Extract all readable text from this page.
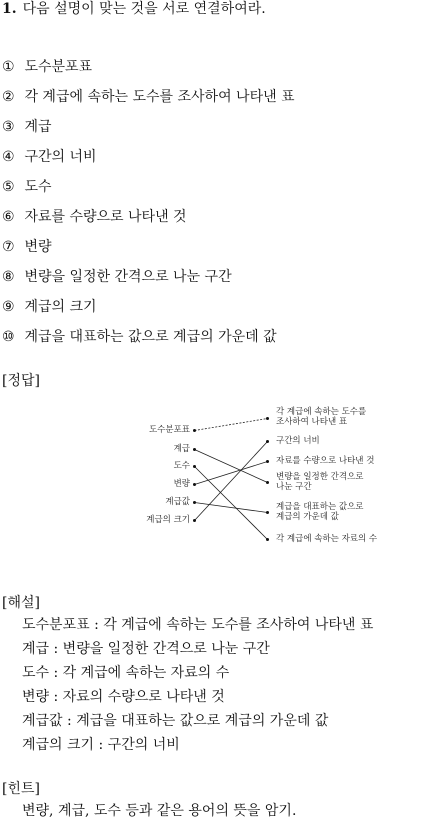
1. 다음 설명이 맞는 것을 서로 연결하여라.
① 도수분포표
② 각 계급에 속하는 도수를 조사하여 나타낸 표
③ 계급
④ 구간의 너비
⑤ 도수
⑥ 자료를 수량으로 나타낸 것
⑦ 변량
⑧ 변량을 일정한 간격으로 나눈 구간
⑨ 계급의 크기
⑩ 계급을 대표하는 값으로 계급의 가운데 값
[정답]
도수분포표
계급
도수
변량
계급값
계급의 크기
각 계급에 속하는 도수를
조사하여 나타낸 표
구간의 너비
자료를 수량으로 나타낸 것
변량을 일정한 간격으로
나눈 구간
계급을 대표하는 값으로
계급의 가운데 값
각 계급에 속하는 자료의 수
[해설]
도수분포표 : 각 계급에 속하는 도수를 조사하여 나타낸 표
계급 : 변량을 일정한 간격으로 나눈 구간
도수 : 각 계급에 속하는 자료의 수
변량 : 자료의 수량으로 나타낸 것
계급값 : 계급을 대표하는 값으로 계급의 가운데 값
계급의 크기 : 구간의 너비
[힌트]
변량, 계급, 도수 등과 같은 용어의 뜻을 암기.
